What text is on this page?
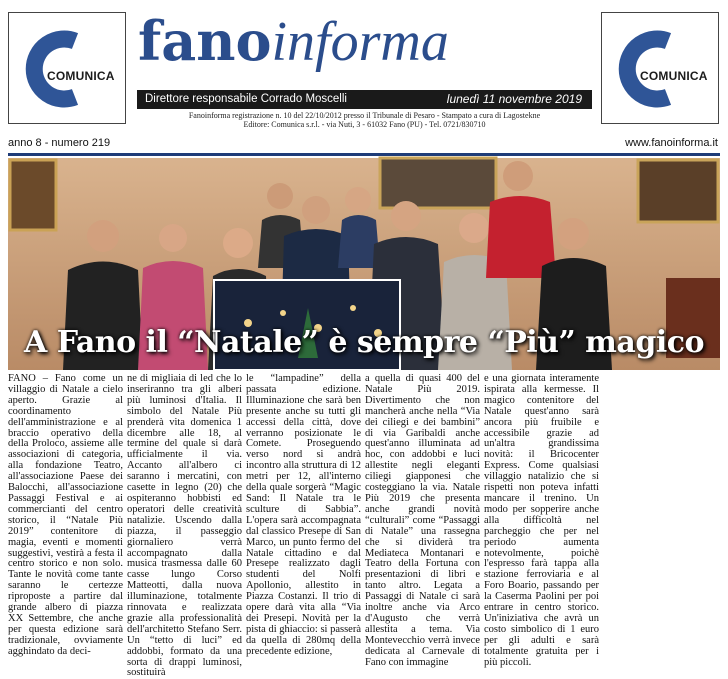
COMUNICA
fanoinforma
COMUNICA
Direttore responsabile Corrado Moscelli	lunedì 11 novembre 2019
Fanoinforma registrazione n. 10 del 22/10/2012 presso il Tribunale di Pesaro - Stampato a cura di Lagostekne
Editore: Comunica s.r.l. - via Nuti, 3 - 61032 Fano (PU) - Tel. 0721/830710
anno 8 - numero 219	www.fanoinforma.it
A Fano il “Natale” è sempre “Più” magico

FANO – Fano come un villaggio di Natale a cielo aperto. Grazie al coordinamento dell'amministrazione e al braccio operativo della della Proloco, assieme alle associazioni di categoria, alla fondazione Teatro, all'associazione Paese dei Balocchi, all'associazione Passaggi Festival e ai commercianti del centro storico, il “Natale Più 2019” contenitore di magia, eventi e momenti suggestivi, vestirà a festa il centro storico e non solo. Tante le novità come tante saranno le certezze riproposte a partire dal grande albero di piazza XX Settembre, che anche per questa edizione sarà tradizionale, ovviamente agghindato da deci-

ne di migliaia di led che lo inseriranno tra gli alberi più luminosi d'Italia. Il simbolo del Natale Più prenderà vita domenica 1 dicembre alle 18, al termine del quale si darà ufficialmente il via. Accanto all'albero ci saranno i mercatini, con casette in legno (20) che ospiteranno hobbisti ed operatori delle creatività natalizie. Uscendo dalla piazza, il passeggio giornaliero verrà accompagnato dalla musica trasmessa dalle 60 casse lungo Corso Matteotti, dalla nuova illuminazione, totalmente rinnovata e realizzata grazie alla professionalità dell'architetto Stefano Serr. Un “tetto di luci” ed addobbi, formato da una sorta di drappi luminosi, sostituirà

le “lampadine” della passata edizione. Illuminazione che sarà ben presente anche su tutti gli accessi della città, dove verranno posizionate le Comete. Proseguendo verso nord si andrà incontro alla struttura di 12 metri per 12, all'interno della quale sorgerà “Magic Sand: Il Natale tra le sculture di Sabbia”. L'opera sarà accompagnata dal classico Presepe di San Marco, un punto fermo del Natale cittadino e dal Presepe realizzato dagli studenti del Nolfi Apollonio, allestito in Piazza Costanzi. Il trio di opere darà vita alla “Via dei Presepi. Novità per la pista di ghiaccio: si passerà da quella di 280mq della precedente edizione,

a quella di quasi 400 del Natale Più 2019. Divertimento che non mancherà anche nella “Via dei ciliegi e dei bambini” di via Garibaldi anche quest'anno illuminata ad hoc, con addobbi e luci allestite negli eleganti ciliegi giapponesi che costeggiano la via. Natale Più 2019 che presenta anche grandi novità “culturali” come “Passaggi di Natale” una rassegna che si dividerà tra Mediateca Montanari e Teatro della Fortuna con presentazioni di libri e tanto altro. Legata a Passaggi di Natale ci sarà inoltre anche via Arco d'Augusto che verrà allestita a tema. Via Montevecchio verrà invece dedicata al Carnevale di Fano con immagine

e una giornata interamente ispirata alla kermesse. Il magico contenitore del Natale quest'anno sarà ancora più fruibile e accessibile grazie ad un'altra grandissima novità: il Bricocenter Express. Come qualsiasi villaggio natalizio che si rispetti non poteva infatti mancare il trenino. Un modo per sopperire anche alla difficoltà nel parcheggio che per nel periodo aumenta notevolmente, poichè l'espresso farà tappa alla stazione ferroviaria e al Foro Boario, passando per la Caserma Paolini per poi entrare in centro storico. Un'iniziativa che avrà un costo simbolico di 1 euro per gli adulti e sarà totalmente gratuita per i più piccoli.
